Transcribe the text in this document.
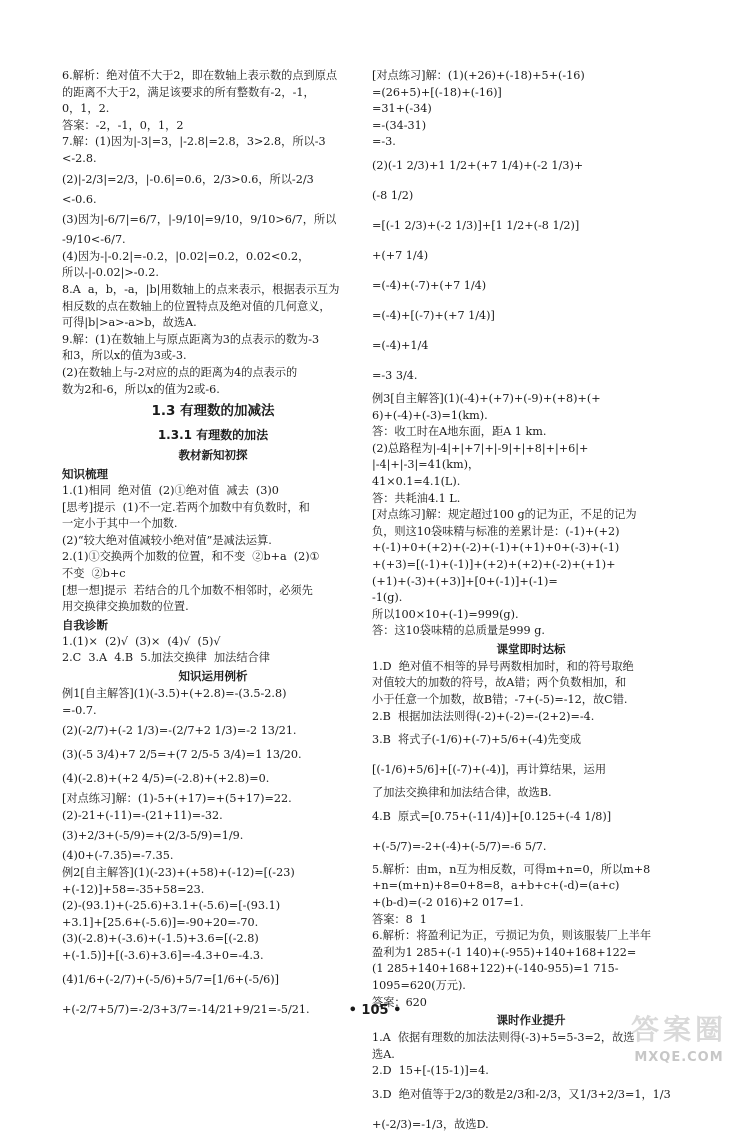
6.解析：绝对值不大于2，即在数轴上表示数的点到原点
的距离不大于2，满足该要求的所有整数有-2，-1，
0，1，2.
答案：-2，-1，0，1，2
7.解：(1)因为|-3|=3，|-2.8|=2.8，3>2.8，所以-3
<-2.8.
(2)|-2/3|=2/3，|-0.6|=0.6，2/3>0.6，所以-2/3
<-0.6.
(3)因为|-6/7|=6/7，|-9/10|=9/10，9/10>6/7，所以
-9/10<-6/7.
(4)因为-|-0.2|=-0.2，|0.02|=0.2，0.02<0.2，
所以-|-0.02|>-0.2.
8.A  a，b，-a，|b|用数轴上的点来表示，根据表示互为
相反数的点在数轴上的位置特点及绝对值的几何意义，
可得|b|>a>-a>b，故选A.
9.解：(1)在数轴上与原点距离为3的点表示的数为-3
和3，所以x的值为3或-3.
(2)在数轴上与-2对应的点的距离为4的点表示的
数为2和-6，所以x的值为2或-6.
1.3 有理数的加减法
1.3.1 有理数的加法
教材新知初探
知识梳理
1.(1)相同  绝对值  (2)①绝对值  减去  (3)0
[思考]提示  (1)不一定.若两个加数中有负数时，和
一定小于其中一个加数.
(2)“较大绝对值减较小绝对值”是减法运算.
2.(1)①交换两个加数的位置，和不变  ②b+a  (2)①
不变  ②b+c
[想一想]提示  若结合的几个加数不相邻时，必须先
用交换律交换加数的位置.
自我诊断
1.(1)×  (2)√  (3)×  (4)√  (5)√
2.C  3.A  4.B  5.加法交换律  加法结合律
知识运用例析
例1[自主解答](1)(-3.5)+(+2.8)=-(3.5-2.8)
=-0.7.
(2)(-2/7)+(-2 1/3)=-(2/7+2 1/3)=-2 13/21.
(3)(-5 3/4)+7 2/5=+(7 2/5-5 3/4)=1 13/20.
(4)(-2.8)+(+2 4/5)=(-2.8)+(+2.8)=0.
[对点练习]解：(1)-5+(+17)=+(5+17)=22.
(2)-21+(-11)=-(21+11)=-32.
(3)+2/3+(-5/9)=+(2/3-5/9)=1/9.
(4)0+(-7.35)=-7.35.
例2[自主解答](1)(-23)+(+58)+(-12)=[(-23)
+(-12)]+58=-35+58=23.
(2)-(93.1)+(-25.6)+3.1+(-5.6)=[-(93.1)
+3.1]+[25.6+(-5.6)]=-90+20=-70.
(3)(-2.8)+(-3.6)+(-1.5)+3.6=[(-2.8)
+(-1.5)]+[(-3.6)+3.6]=-4.3+0=-4.3.
(4)1/6+(-2/7)+(-5/6)+5/7=[1/6+(-5/6)]
+(-2/7+5/7)=-2/3+3/7=-14/21+9/21=-5/21.
[对点练习]解：(1)(+26)+(-18)+5+(-16)
=(26+5)+[(-18)+(-16)]
=31+(-34)
=-(34-31)
=-3.
(2)(-1 2/3)+1 1/2+(+7 1/4)+(-2 1/3)+
(-8 1/2)
=[(-1 2/3)+(-2 1/3)]+[1 1/2+(-8 1/2)]
+(+7 1/4)
=(-4)+(-7)+(+7 1/4)
=(-4)+[(-7)+(+7 1/4)]
=(-4)+1/4
=-3 3/4.
例3[自主解答](1)(-4)+(+7)+(-9)+(+8)+(+
6)+(-4)+(-3)=1(km).
答：收工时在A地东面，距A 1 km.
(2)总路程为|-4|+|+7|+|-9|+|+8|+|+6|+
|-4|+|-3|=41(km)，
41×0.1=4.1(L).
答：共耗油4.1 L.
[对点练习]解：规定超过100 g的记为正，不足的记为
负，则这10袋味精与标准的差累计是：(-1)+(+2)
+(-1)+0+(+2)+(-2)+(-1)+(+1)+0+(-3)+(-1)
+(+3)=[(-1)+(-1)]+(+2)+(+2)+(-2)+(+1)+
(+1)+(-3)+(+3)]+[0+(-1)]+(-1)=
-1(g).
所以100×10+(-1)=999(g).
答：这10袋味精的总质量是999 g.
课堂即时达标
1.D  绝对值不相等的异号两数相加时，和的符号取绝
对值较大的加数的符号，故A错；两个负数相加，和
小于任意一个加数，故B错；-7+(-5)=-12，故C错.
2.B  根据加法法则得(-2)+(-2)=-(2+2)=-4.
3.B  将式子(-1/6)+(-7)+5/6+(-4)先变成
[(-1/6)+5/6]+[(-7)+(-4)]，再计算结果，运用
了加法交换律和加法结合律，故选B.
4.B  原式=[0.75+(-11/4)]+[0.125+(-4 1/8)]
+(-5/7)=-2+(-4)+(-5/7)=-6 5/7.
5.解析：由m，n互为相反数，可得m+n=0，所以m+8
+n=(m+n)+8=0+8=8，a+b+c+(-d)=(a+c)
+(b-d)=(-2 016)+2 017=1.
答案：8  1
6.解析：将盈利记为正，亏损记为负，则该服装厂上半年
盈利为1 285+(-1 140)+(-955)+140+168+122=
(1 285+140+168+122)+(-140-955)=1 715-
1095=620(万元).
答案：620
课时作业提升
1.A  依据有理数的加法法则得(-3)+5=5-3=2，故选
选A.
2.D  15+[-(15-1)]=4.
3.D  绝对值等于2/3的数是2/3和-2/3，又1/3+2/3=1，1/3
+(-2/3)=-1/3，故选D.
• 105 •
答案圈
MXQE.COM
